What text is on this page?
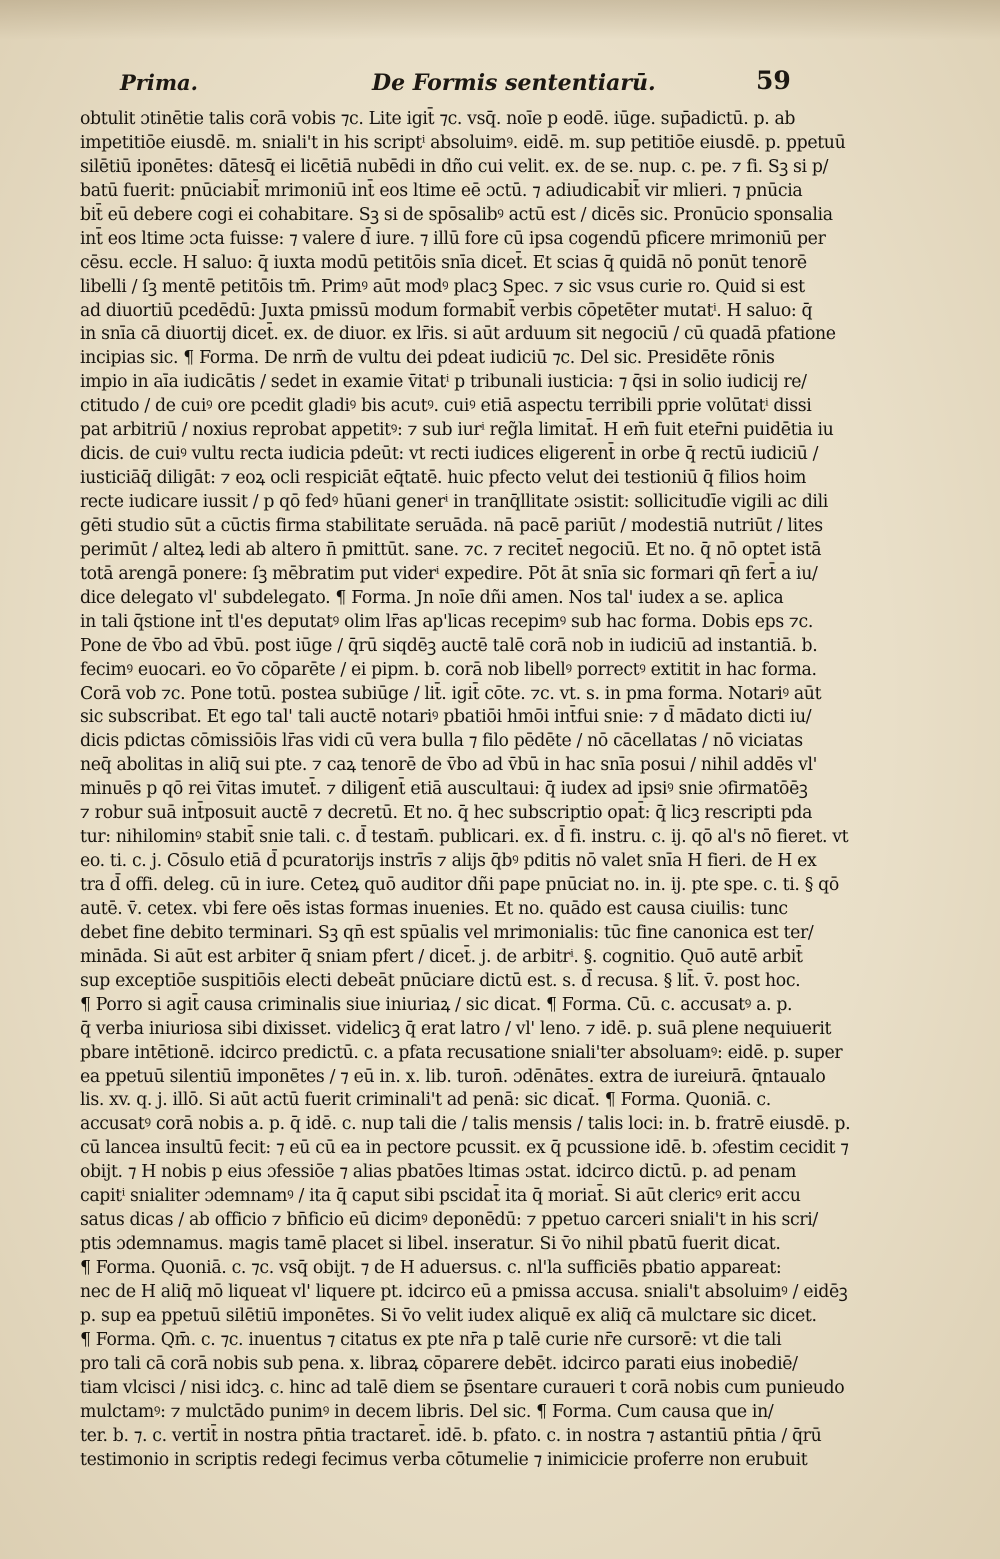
Prima.	De Formis sententiarū.	59
obtulit ɔtinētie talis corā vobis ⁊c. Lite igit̄ ⁊c. vsq̄. noīe p eodē. iūge. sup̄adictū. p. ab
impetitiōe eiusdē. m. sniali't in his scriptⁱ absoluimꝰ. eidē. m. sup petitiōe eiusdē. p. ppetuū
silētiū iponētes: dātesq̄ ei licētiā nubēdi in dño cui velit. ex. de se. nup. c. pe. ⁊ fi. Sꝫ si p/
batū fuerit: pnūciabit̄ mrimoniū int̄ eos ltime eē ɔctū. ⁊ adiudicabit̄ vir mlieri. ⁊ pnūcia
bit̄ eū debere cogi ei cohabitare. Sꝫ si de spōsalibꝰ actū est / dicēs sic. Pronūcio sponsalia
int̄ eos ltime ɔcta fuisse: ⁊ valere d̄ iure. ⁊ illū fore cū ipsa cogendū pficere mrimoniū per
cēsu. eccle. H saluo: q̄ iuxta modū petitōis snīa dicet̄. Et scias q̄ quidā nō ponūt tenorē
libelli / ſꝫ mentē petitōis tm̄. Primꝰ aūt modꝰ placꝫ Spec. ⁊ sic vsus curie ro. Quid si est
ad diuortiū pcedēdū: Juxta pmissū modum formabit̄ verbis cōpetēter mutatⁱ. H saluo: q̄
in snīa cā diuortij dicet̄. ex. de diuor. ex lr̄is. si aūt arduum sit negociū / cū quadā pfatione
incipias sic. ¶ Forma. De nrm̄ de vultu dei pdeat iudiciū ⁊c. Del sic. Presidēte rōnis
impio in aīa iudicātis / sedet in examie v̄itatⁱ p tribunali iusticia: ⁊ q̄si in solio iudicij re/
ctitudo / de cuiꝰ ore pcedit gladiꝰ bis acutꝰ. cuiꝰ etiā aspectu terribili pprie volūtatⁱ dissi
pat arbitriū / noxius reprobat appetitꝰ: ⁊ sub iurⁱ reg̃la limitat̄. H em̄ fuit eter̄ni puidētia iu
dicis. de cuiꝰ vultu recta iudicia pdeūt: vt recti iudices eligerent̄ in orbe q̄ rectū iudiciū /
iusticiāq̄ diligāt: ⁊ eoꝝ ocli respiciāt eq̄tatē. huic pfecto velut dei testioniū q̄ filios hoim
recte iudicare iussit / p qō fedꝰ hūani generⁱ in tranq̄llitate ɔsistit: sollicitudīe vigili ac dili
gēti studio sūt a cūctis firma stabilitate seruāda. nā pacē pariūt / modestiā nutriūt / lites
perimūt / alteꝝ ledi ab altero n̄ pmittūt. sane. ⁊c. ⁊ recitet̄ negociū. Et no. q̄ nō optet istā
totā arengā ponere: ſꝫ mēbratim put viderⁱ expedire. Pōt āt snīa sic formari qn̄ fert̄ a iu/
dice delegato vl' subdelegato. ¶ Forma. Jn noīe dñi amen. Nos tal' iudex a se. aplica
in tali q̄stione int̄ tl'es deputatꝰ olim lr̄as ap'licas recepimꝰ sub hac forma. Dobis eps ⁊c.
Pone de v̄bo ad v̄bū. post iūge / q̄rū siqdēꝫ auctē talē corā nob in iudiciū ad instantiā. b.
fecimꝰ euocari. eo v̄o cōparēte / ei pipm. b. corā nob libellꝰ porrectꝰ extitit in hac forma.
Corā vob ⁊c. Pone totū. postea subiūge / lit̄. igit̄ cōte. ⁊c. vt. s. in pma forma. Notariꝰ aūt
sic subscribat. Et ego tal' tali auctē notariꝰ pbatiōi hmōi int̄fui snie: ⁊ d̄ mādato dicti iu/
dicis pdictas cōmissiōis lr̄as vidi cū vera bulla ⁊ filo pēdēte / nō cācellatas / nō viciatas
neq̄ abolitas in aliq̄ sui pte. ⁊ caꝝ tenorē de v̄bo ad v̄bū in hac snīa posui / nihil addēs vl'
minuēs p qō rei v̄itas imutet̄. ⁊ diligent̄ etiā auscultaui: q̄ iudex ad ipsiꝰ snie ɔfirmatōēꝫ
⁊ robur suā int̄posuit auctē ⁊ decretū. Et no. q̄ hec subscriptio opat̄: q̄ licꝫ rescripti pda
tur: nihilominꝰ stabit̄ snie tali. c. d̄ testam̄. publicari. ex. d̄ fi. instru. c. ij. qō al's nō fieret. vt
eo. ti. c. j. Cōsulo etiā d̄ pcuratorijs instrīs ⁊ alijs q̄bꝰ pditis nō valet snīa H fieri. de H ex
tra d̄ offi. deleg. cū in iure. Ceteꝝ quō auditor dñi pape pnūciat no. in. ij. pte spe. c. ti. § qō
autē. v̄. cetex. vbi fere oēs istas formas inuenies. Et no. quādo est causa ciuilis: tunc
debet fine debito terminari. Sꝫ qn̄ est spūalis vel mrimonialis: tūc fine canonica est ter/
mināda. Si aūt est arbiter q̄ sniam pfert / dicet̄. j. de arbitrⁱ. §. cognitio. Quō autē arbit̄
sup exceptiōe suspitiōis electi debeāt pnūciare dictū est. s. d̄ recusa. § lit̄. v̄. post hoc.
¶ Porro si agit̄ causa criminalis siue iniuriaꝝ / sic dicat. ¶ Forma. Cū. c. accusatꝰ a. p.
q̄ verba iniuriosa sibi dixisset. videlicꝫ q̄ erat latro / vl' leno. ⁊ idē. p. suā plene nequiuerit
pbare intētionē. idcirco predictū. c. a pfata recusatione sniali'ter absoluamꝰ: eidē. p. super
ea ppetuū silentiū imponētes / ⁊ eū in. x. lib. turon̄. ɔdēnātes. extra de iureiurā. q̄ntaualo
lis. xv. q. j. illō. Si aūt actū fuerit criminali't ad penā: sic dicat̄. ¶ Forma. Quoniā. c.
accusatꝰ corā nobis a. p. q̄ idē. c. nup tali die / talis mensis / talis loci: in. b. fratrē eiusdē. p.
cū lancea insultū fecit: ⁊ eū cū ea in pectore pcussit. ex q̄ pcussione idē. b. ɔfestim cecidit ⁊
obijt. ⁊ H nobis p eius ɔfessiōe ⁊ alias pbatōes ltimas ɔstat. idcirco dictū. p. ad penam
capitⁱ snialiter ɔdemnamꝰ / ita q̄ caput sibi pscidat̄ ita q̄ moriat̄. Si aūt clericꝰ erit accu
satus dicas / ab officio ⁊ bn̄ficio eū dicimꝰ deponēdū: ⁊ ppetuo carceri sniali't in his scri/
ptis ɔdemnamus. magis tamē placet si libel. inseratur. Si v̄o nihil pbatū fuerit dicat.
¶ Forma. Quoniā. c. ⁊c. vsq̄ obijt. ⁊ de H aduersus. c. nl'la sufficiēs pbatio appareat:
nec de H aliq̄ mō liqueat vl' liquere pt. idcirco eū a pmissa accusa. sniali't absoluimꝰ / eidēꝫ
p. sup ea ppetuū silētiū imponētes. Si v̄o velit iudex aliquē ex aliq̄ cā mulctare sic dicet.
¶ Forma. Qm̄. c. ⁊c. inuentus ⁊ citatus ex pte nr̄a p talē curie nr̄e cursorē: vt die tali
pro tali cā corā nobis sub pena. x. libraꝝ cōparere debēt. idcirco parati eius inobediē/
tiam vlcisci / nisi idcꝫ. c. hinc ad talē diem se p̄sentare curaueri t corā nobis cum punieudo
mulctamꝰ: ⁊ mulctādo punimꝰ in decem libris. Del sic. ¶ Forma. Cum causa que in/
ter. b. ⁊. c. vertit̄ in nostra pn̄tia tractaret̄. idē. b. pfato. c. in nostra ⁊ astantiū pn̄tia / q̄rū
testimonio in scriptis redegi fecimus verba cōtumelie ⁊ inimicicie proferre non erubuit
